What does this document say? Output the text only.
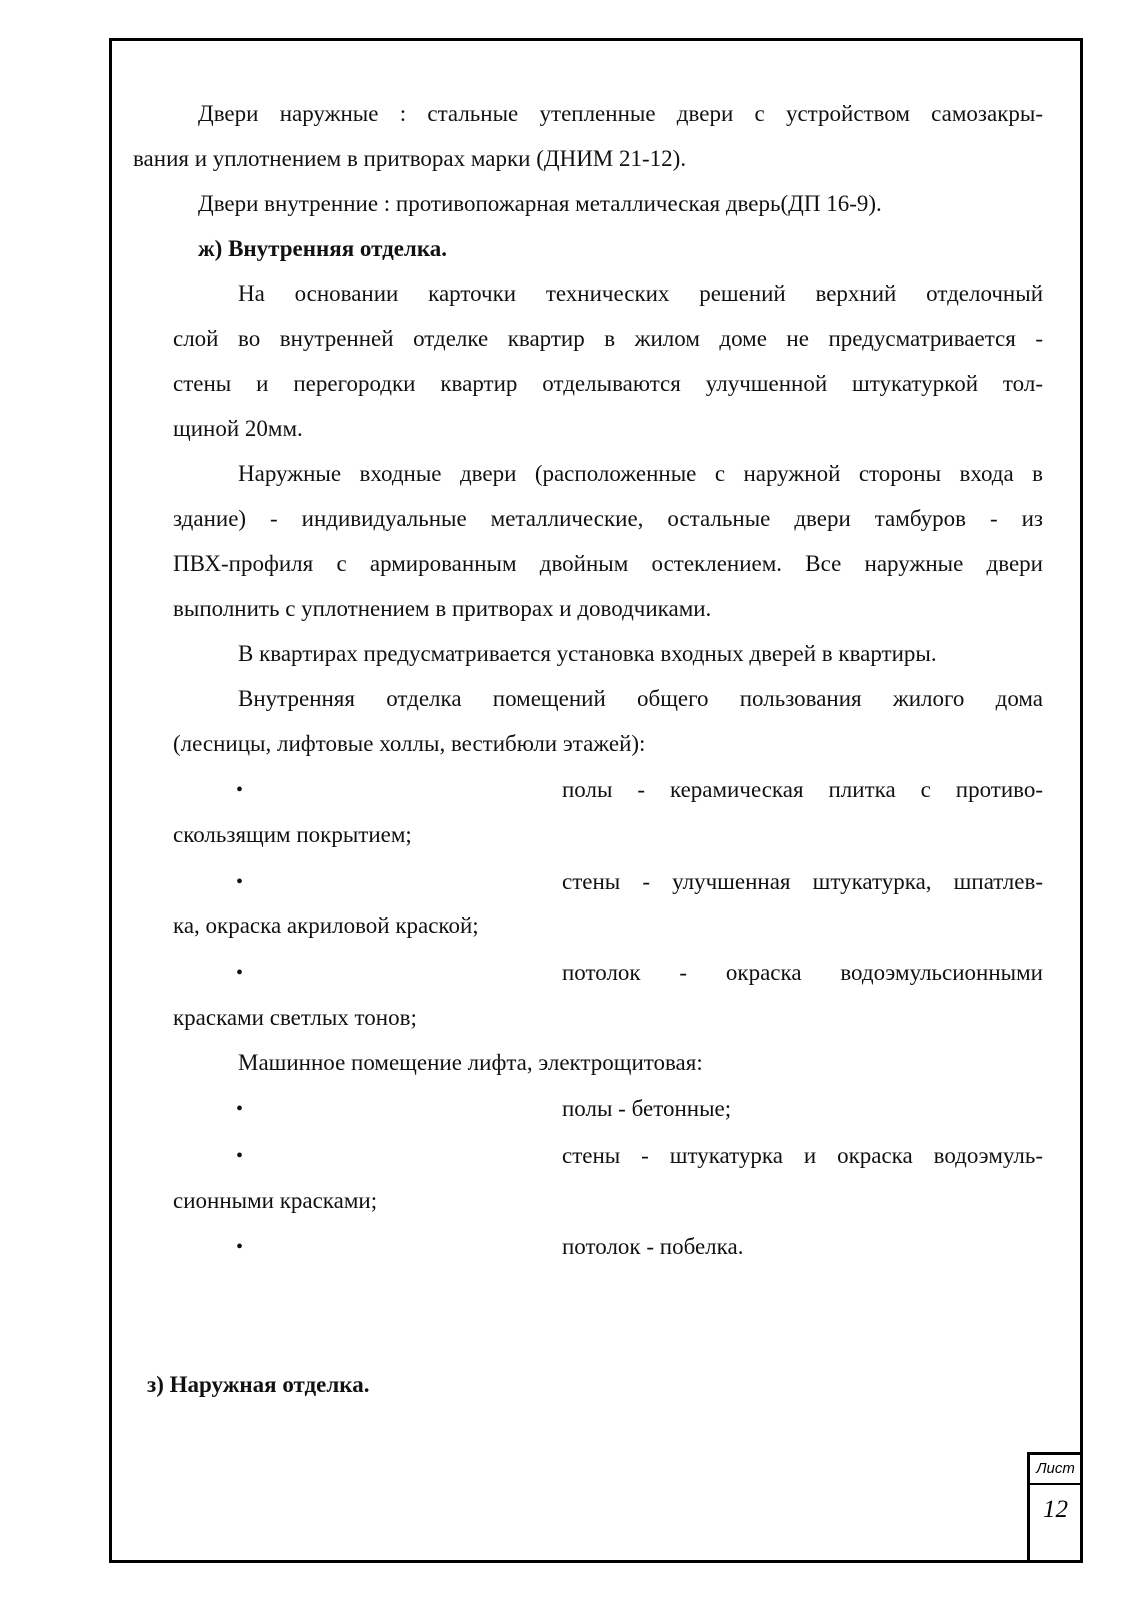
Двери наружные : стальные утепленные двери с устройством самозакры-
вания и уплотнением в притворах марки (ДНИМ 21-12).
Двери внутренние : противопожарная металлическая дверь(ДП 16-9).
ж) Внутренняя отделка.
На основании карточки технических решений верхний отделочный
слой во внутренней отделке квартир в жилом доме не предусматривается -
стены и перегородки квартир отделываются улучшенной штукатуркой тол-
щиной 20мм.
Наружные входные двери (расположенные с наружной стороны входа в
здание) - индивидуальные металлические, остальные двери тамбуров - из
ПВХ-профиля с армированным двойным остеклением. Все наружные двери
выполнить с уплотнением в притворах и доводчиками.
В квартирах предусматривается установка входных дверей в квартиры.
Внутренняя отделка помещений общего пользования жилого дома
(лесницы, лифтовые холлы, вестибюли этажей):
•	полы - керамическая плитка с противо-
скользящим покрытием;
•	стены - улучшенная штукатурка, шпатлев-
ка, окраска акриловой краской;
•	потолок - окраска водоэмульсионными
красками светлых тонов;
Машинное помещение лифта, электрощитовая:
•	полы - бетонные;
•	стены - штукатурка и окраска водоэмуль-
сионными красками;
•	потолок - побелка.
з) Наружная отделка.
Лист
12
